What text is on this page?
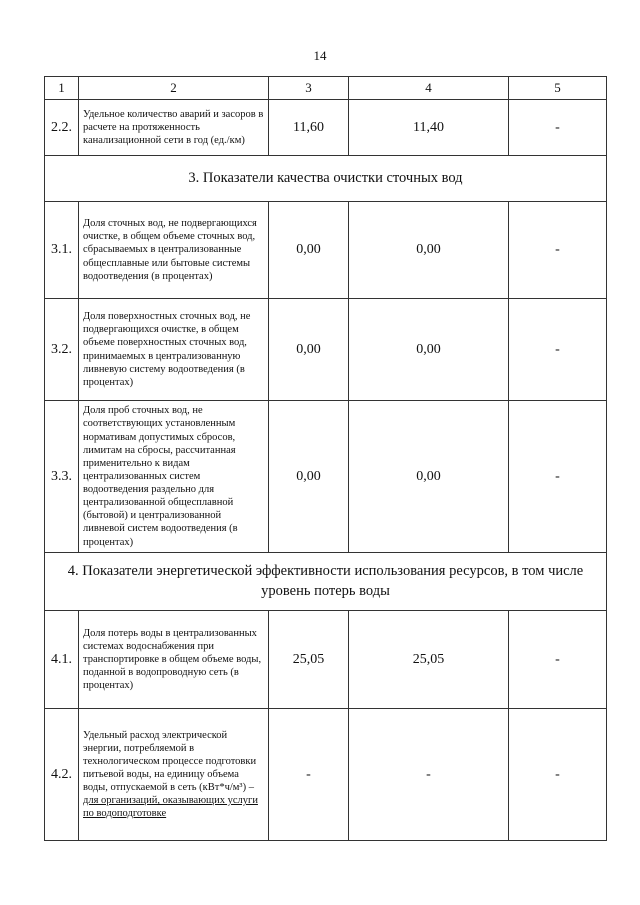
14
1	2	3	4	5
2.2.	Удельное количество аварий и засоров в расчете на протяженность канализационной сети в год (ед./км)	11,60	11,40	-
3. Показатели качества очистки сточных вод				
3.1.	Доля сточных вод, не подвергающихся очистке, в общем объеме сточных вод, сбрасываемых в централизованные общесплавные или бытовые системы водоотведения (в процентах)	0,00	0,00	-
3.2.	Доля поверхностных сточных вод, не подвергающихся очистке, в общем объеме поверхностных сточных вод, принимаемых в централизованную ливневую систему водоотведения (в процентах)	0,00	0,00	-
3.3.	Доля проб сточных вод, не соответствующих установленным нормативам допустимых сбросов, лимитам на сбросы, рассчитанная применительно к видам централизованных систем водоотведения раздельно для централизованной общесплавной (бытовой) и централизованной ливневой систем водоотведения (в процентах)	0,00	0,00	-
4. Показатели энергетической эффективности использования ресурсов, в том числе
уровень потерь воды				
4.1.	Доля потерь воды в централизованных системах водоснабжения при транспортировке в общем объеме воды, поданной в водопроводную сеть (в процентах)	25,05	25,05	-
4.2.	Удельный расход электрической энергии, потребляемой в технологическом процессе подготовки питьевой воды, на единицу объема воды, отпускаемой в сеть (кВт*ч/м³) – для организаций, оказывающих услуги по водоподготовке	-	-	-
